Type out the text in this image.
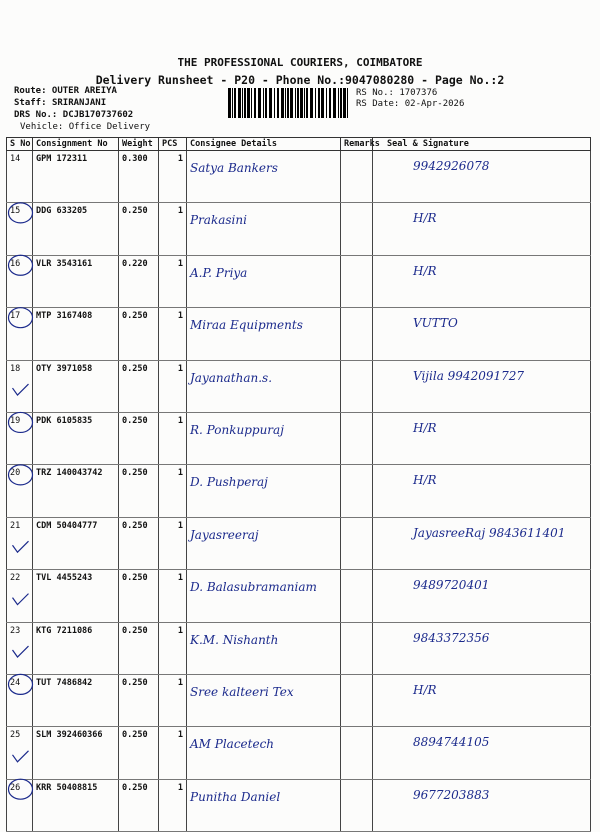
THE PROFESSIONAL COURIERS, COIMBATORE
Delivery Runsheet - P20 - Phone No.:9047080280 - Page No.:2
Route: OUTER AREIYA
Staff: SRIRANJANI
DRS No.: DCJB170737602
Vehicle: Office Delivery
RS No.: 1707376
RS Date: 02-Apr-2026
S No	Consignment No	Weight	PCS	Consignee Details	Remarks	Seal & Signature
14	GPM 172311	0.300	1	Satya Bankers		9942926078
15	DDG 633205	0.250	1	Prakasini		H/R
16	VLR 3543161	0.220	1	A.P. Priya		H/R
17	MTP 3167408	0.250	1	Miraa Equipments		VUTTO
18	OTY 3971058	0.250	1	Jayanathan.s.		Vijila 9942091727
19	PDK 6105835	0.250	1	R. Ponkuppuraj		H/R
20	TRZ 140043742	0.250	1	D. Pushperaj		H/R
21	CDM 50404777	0.250	1	Jayasreeraj		JayasreeRaj 9843611401
22	TVL 4455243	0.250	1	D. Balasubramaniam		9489720401
23	KTG 7211086	0.250	1	K.M. Nishanth		9843372356
24	TUT 7486842	0.250	1	Sree kalteeri Tex		H/R
25	SLM 392460366	0.250	1	AM Placetech		8894744105
26	KRR 50408815	0.250	1	Punitha Daniel		9677203883
